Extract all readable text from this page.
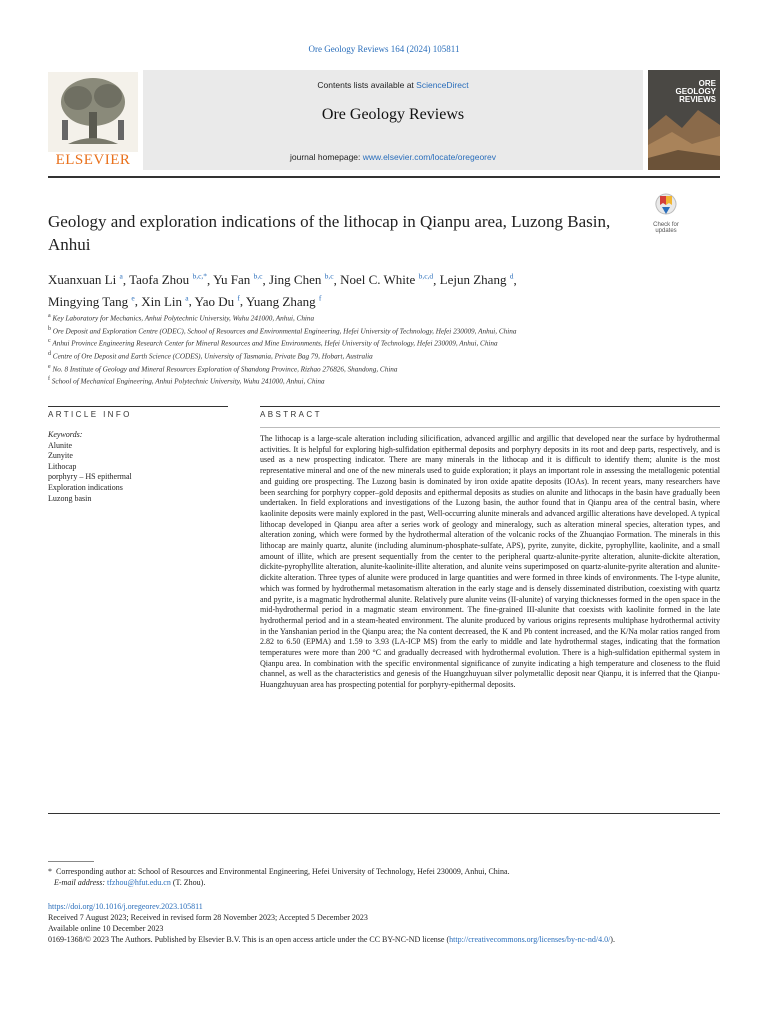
Ore Geology Reviews 164 (2024) 105811
ELSEVIER
Contents lists available at ScienceDirect
Ore Geology Reviews
journal homepage: www.elsevier.com/locate/oregeorev
ORE GEOLOGY REVIEWS
Geology and exploration indications of the lithocap in Qianpu area, Luzong Basin, Anhui
Check for
updates
Xuanxuan Li $^a$, Taofa Zhou $^{b,c,*}$, Yu Fan $^{b,c}$, Jing Chen $^{b,c}$, Noel C. White $^{b,c,d}$, Lejun Zhang $^d$,
Mingying Tang $^e$, Xin Lin $^a$, Yao Du $^f$, Yuang Zhang $^f$
$^a$ Key Laboratory for Mechanics, Anhui Polytechnic University, Wuhu 241000, Anhui, China
$^b$ Ore Deposit and Exploration Centre (ODEC), School of Resources and Environmental Engineering, Hefei University of Technology, Hefei 230009, Anhui, China
$^c$ Anhui Province Engineering Research Center for Mineral Resources and Mine Environments, Hefei University of Technology, Hefei 230009, Anhui, China
$^d$ Centre of Ore Deposit and Earth Science (CODES), University of Tasmania, Private Bag 79, Hobart, Australia
$^e$ No. 8 Institute of Geology and Mineral Resources Exploration of Shandong Province, Rizhao 276826, Shandong, China
$^f$ School of Mechanical Engineering, Anhui Polytechnic University, Wuhu 241000, Anhui, China
ARTICLE INFO	ABSTRACT
Keywords:
Alunite
Zunyite
Lithocap
porphyry – HS epithermal
Exploration indications
Luzong basin
The lithocap is a large-scale alteration including silicification, advanced argillic and argillic that developed near the surface by hydrothermal activities. It is helpful for exploring high-sulfidation epithermal deposits and porphyry deposits in its root and deep parts, respectively, and is used as a new prospecting indicator. There are many minerals in the lithocap and it is difficult to identify them; alunite is the most representative mineral and one of the new minerals used to guide exploration; it plays an important role in assessing the metallogenic potential and guiding ore prospecting. The Luzong basin is dominated by iron oxide apatite deposits (IOAs). In recent years, many researchers have been searching for porphyry copper–gold deposits and epithermal deposits as studies on alunite and lithocaps in the basin have gradually been undertaken. In field explorations and investigations of the Luzong basin, the author found that in Qianpu area of the central basin, where kaolinite deposits were mainly explored in the past, Well-occurring alunite minerals and advanced argillic alterations have developed. A typical lithocap developed in Qianpu area after a series work of geology and mineralogy, such as alteration mineral species, alteration types, and alteration zoning, which were formed by the hydrothermal alteration of the volcanic rocks of the Zhuanqiao Formation. The minerals in this lithocap are mainly quartz, alunite (including aluminum-phosphate-sulfate, APS), pyrite, zunyite, dickite, pyrophyllite, kaolinite, and a small amount of illite, which are present sequentially from the center to the peripheral quartz-alunite-pyrite alteration, alunite-dickite alteration, dickite-pyrophyllite alteration, alunite-kaolinite-illite alteration, and alunite veins superimposed on quartz-alunite-pyrite alteration and alunite-dickite alteration. Three types of alunite were produced in large quantities and were formed in three kinds of environments. The I-type alunite, which was formed by hydrothermal metasomatism alteration in the early stage and is densely disseminated distribution, coexisting with quartz and pyrite, is a magmatic hydrothermal alunite. Relatively pure alunite veins (II-alunite) of varying thicknesses formed in the open space in the mid-hydrothermal period in a magmatic steam environment. The fine-grained III-alunite that coexists with kaolinite formed in the late hydrothermal period and in a steam-heated environment. The alunite produced by various origins represents multiphase hydrothermal activity in the Yanshanian period in the Qianpu area; the Na content decreased, the K and Pb content increased, and the K/Na molar ratios ranged from 2.82 to 6.50 (EPMA) and 1.59 to 3.93 (LA-ICP MS) from the early to middle and late hydrothermal stages, indicating that the formation temperatures were more than 200 °C and gradually decreased with hydrothermal evolution. There is a high-sulfidation epithermal system in Qianpu area. In combination with the specific environmental significance of zunyite indicating a high temperature and closeness to the fluid channel, as well as the characteristics and genesis of the Huangzhuyuan silver polymetallic deposit near Qianpu, it is inferred that the Qianpu-Huangzhuyuan area has prospecting potential for porphyry-epithermal deposits.
* Corresponding author at: School of Resources and Environmental Engineering, Hefei University of Technology, Hefei 230009, Anhui, China.
E-mail address: tfzhou@hfut.edu.cn (T. Zhou).
https://doi.org/10.1016/j.oregeorev.2023.105811
Received 7 August 2023; Received in revised form 28 November 2023; Accepted 5 December 2023
Available online 10 December 2023
0169-1368/© 2023 The Authors. Published by Elsevier B.V. This is an open access article under the CC BY-NC-ND license (http://creativecommons.org/licenses/by-nc-nd/4.0/).
